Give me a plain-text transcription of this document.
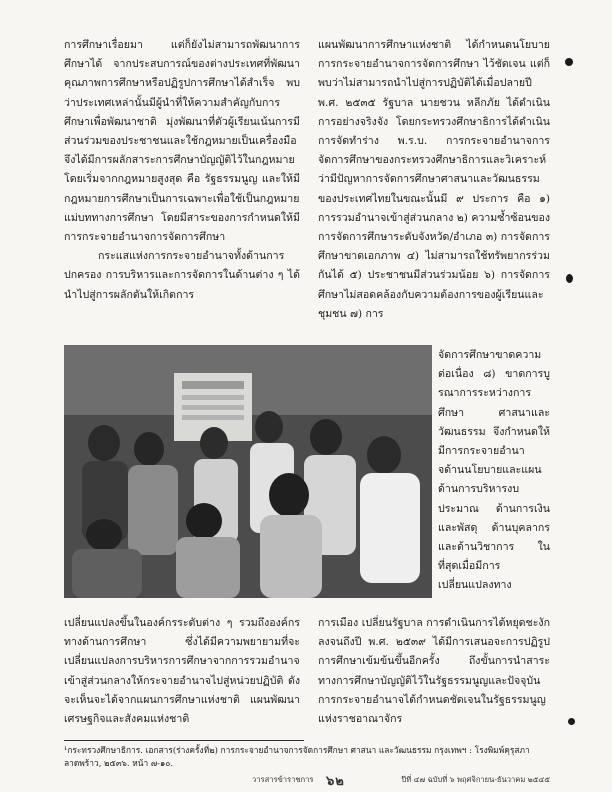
การศึกษาเรื่อยมา แต่ก็ยังไม่สามารถพัฒนาการศึกษาได้ จากประสบการณ์ของต่างประเทศที่พัฒนาคุณภาพการศึกษาหรือปฏิรูปการศึกษาได้สำเร็จ พบว่าประเทศเหล่านั้นมีผู้นำที่ให้ความสำคัญกับการศึกษาเพื่อพัฒนาชาติ มุ่งพัฒนาที่ตัวผู้เรียนเน้นการมีส่วนร่วมของประชาชนและใช้กฎหมายเป็นเครื่องมือ จึงได้มีการผลักสาระการศึกษาบัญญัติไว้ในกฎหมายโดยเริ่มจากกฎหมายสูงสุด คือ รัฐธรรมนูญ และให้มีกฎหมายการศึกษาเป็นการเฉพาะเพื่อใช้เป็นกฎหมายแม่บททางการศึกษา โดยมีสาระของการกำหนดให้มีการกระจายอำนาจการจัดการศึกษา

กระแสแห่งการกระจายอำนาจทั้งด้านการปกครอง การบริหารและการจัดการในด้านต่าง ๆ ได้นำไปสู่การผลักดันให้เกิดการ

แผนพัฒนาการศึกษาแห่งชาติ ได้กำหนดนโยบายการกระจายอำนาจการจัดการศึกษา ไว้ชัดเจน แต่ก็พบว่าไม่สามารถนำไปสู่การปฏิบัติได้เมื่อปลายปี พ.ศ. ๒๕๓๕ รัฐบาล นายชวน หลีกภัย ได้ดำเนินการอย่างจริงจัง โดยกระทรวงศึกษาธิการได้ดำเนินการจัดทำร่าง พ.ร.บ. การกระจายอำนาจการจัดการศึกษาของกระทรวงศึกษาธิการและวิเคราะห์ว่ามีปัญหาการจัดการศึกษาศาสนาและวัฒนธรรมของประเทศไทยในขณะนั้นมี ๙ ประการ คือ ๑) การรวมอำนาจเข้าสู่ส่วนกลาง ๒) ความซ้ำซ้อนของการจัดการศึกษาระดับจังหวัด/อำเภอ ๓) การจัดการศึกษาขาดเอกภาพ ๔) ไม่สามารถใช้ทรัพยากรร่วมกันได้ ๕) ประชาชนมีส่วนร่วมน้อย ๖) การจัดการศึกษาไม่สอดคล้องกับความต้องการของผู้เรียนและชุมชน ๗) การ

จัดการศึกษาขาดความต่อเนื่อง ๘) ขาดการบูรณาการระหว่างการศึกษา ศาสนาและวัฒนธรรม จึงกำหนดให้มีการกระจายอำนาจด้านนโยบายและแผน ด้านการบริหารงบประมาณ ด้านการเงินและพัสดุ ด้านบุคลากรและด้านวิชาการ ในที่สุดเมื่อมีการเปลี่ยนแปลงทาง

เปลี่ยนแปลงขึ้นในองค์กรระดับต่าง ๆ รวมถึงองค์กรทางด้านการศึกษา ซึ่งได้มีความพยายามที่จะเปลี่ยนแปลงการบริหารการศึกษาจากการรวมอำนาจเข้าสู่ส่วนกลางให้กระจายอำนาจไปสู่หน่วยปฏิบัติ ดังจะเห็นจะได้จากแผนการศึกษาแห่งชาติ แผนพัฒนาเศรษฐกิจและสังคมแห่งชาติ

การเมือง เปลี่ยนรัฐบาล การดำเนินการได้หยุดชะงักลงจนถึงปี พ.ศ. ๒๕๓๙ ได้มีการเสนอจะการปฏิรูปการศึกษาเข้มข้นขึ้นอีกครั้ง ถึงขั้นการนำสาระทางการศึกษาบัญญัติไว้ในรัฐธรรมนูญและปัจจุบันการกระจายอำนาจได้กำหนดชัดเจนในรัฐธรรมนูญแห่งราชอาณาจักร

¹กระทรวงศึกษาธิการ. เอกสาร(ร่างครั้งที่๒) การกระจายอำนาจการจัดการศึกษา ศาสนา และวัฒนธรรม กรุงเทพฯ : โรงพิมพ์คุรุสภาลาดพร้าว, ๒๕๓๖. หน้า ๗-๑๐.

วารสารข้าราชการ ๖๒	ปีที่ ๔๗ ฉบับที่ ๖ พฤศจิกายน-ธันวาคม ๒๕๔๕
